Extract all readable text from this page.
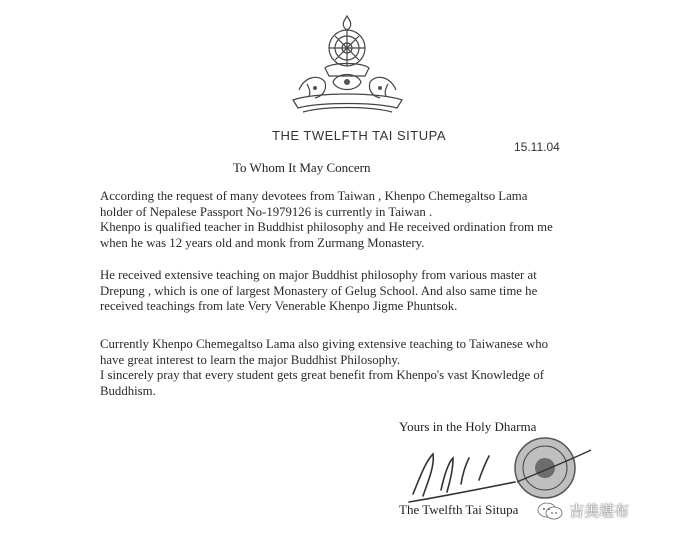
THE TWELFTH TAI SITUPA
15.11.04
To Whom It May Concern
According the request of many devotees from Taiwan , Khenpo Chemegaltso Lama
holder of Nepalese Passport No-1979126 is currently in Taiwan .
Khenpo is qualified teacher in Buddhist philosophy and He received ordination from me
when he was 12 years old and monk from Zurmang Monastery.
He received extensive teaching on major Buddhist philosophy from various master at
Drepung , which is one of largest Monastery of Gelug School. And also same time he
received teachings from late Very Venerable Khenpo Jigme Phuntsok.
Currently Khenpo Chemegaltso Lama also giving extensive teaching to Taiwanese who
have great interest to learn the major Buddhist Philosophy.
I sincerely pray that every student gets great benefit from Khenpo's vast Knowledge of
Buddhism.
Yours in the Holy Dharma
The Twelfth Tai Situpa	吉美堪布
